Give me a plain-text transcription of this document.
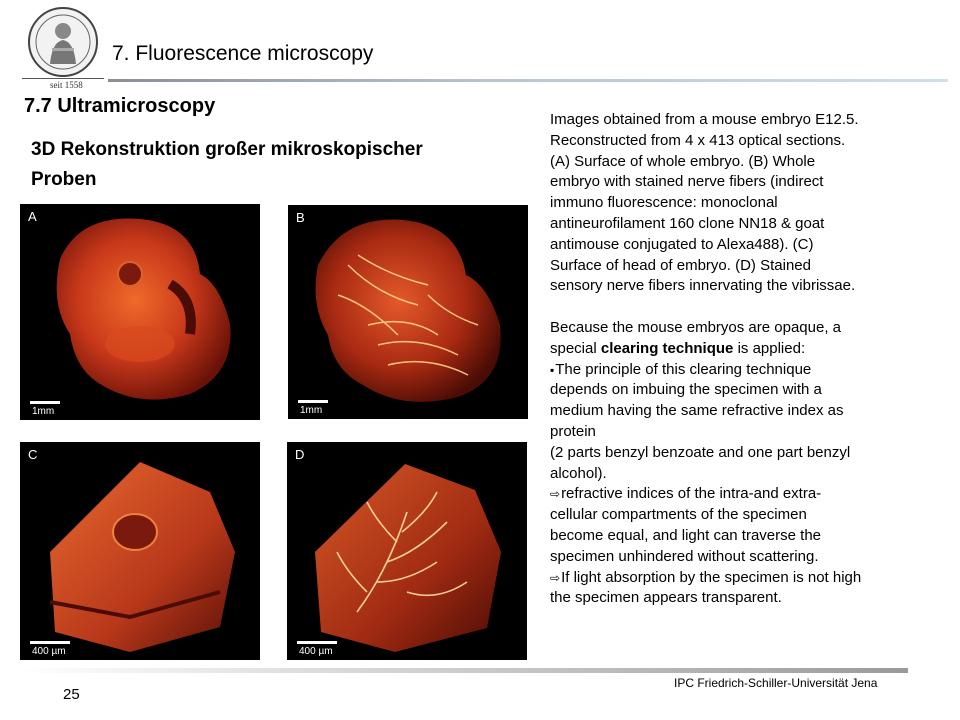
seit 1558
7. Fluorescence microscopy
7.7 Ultramicroscopy
3D Rekonstruktion großer mikroskopischer
Proben
A
1mm
B
1mm
C
400 µm
D
400 µm

Images obtained from a mouse embryo E12.5.

Reconstructed from 4 x 413 optical sections.

(A) Surface of whole embryo. (B) Whole

embryo with stained nerve fibers (indirect

immuno fluorescence: monoclonal

antineurofilament 160 clone NN18 & goat

antimouse conjugated to Alexa488). (C)

Surface of head of embryo. (D) Stained

sensory nerve fibers innervating the vibrissae.

Because the mouse embryos are opaque, a

special clearing technique is applied:

▪The principle of this clearing technique

depends on imbuing the specimen with a

medium having the same refractive index as

protein

(2 parts benzyl benzoate and one part benzyl

alcohol).

⇨refractive indices of the intra-and extra-

cellular compartments of the specimen

become equal, and light can traverse the

specimen unhindered without scattering.

⇨If light absorption by the specimen is not high

the specimen appears transparent.

25
IPC Friedrich-Schiller-Universität Jena
